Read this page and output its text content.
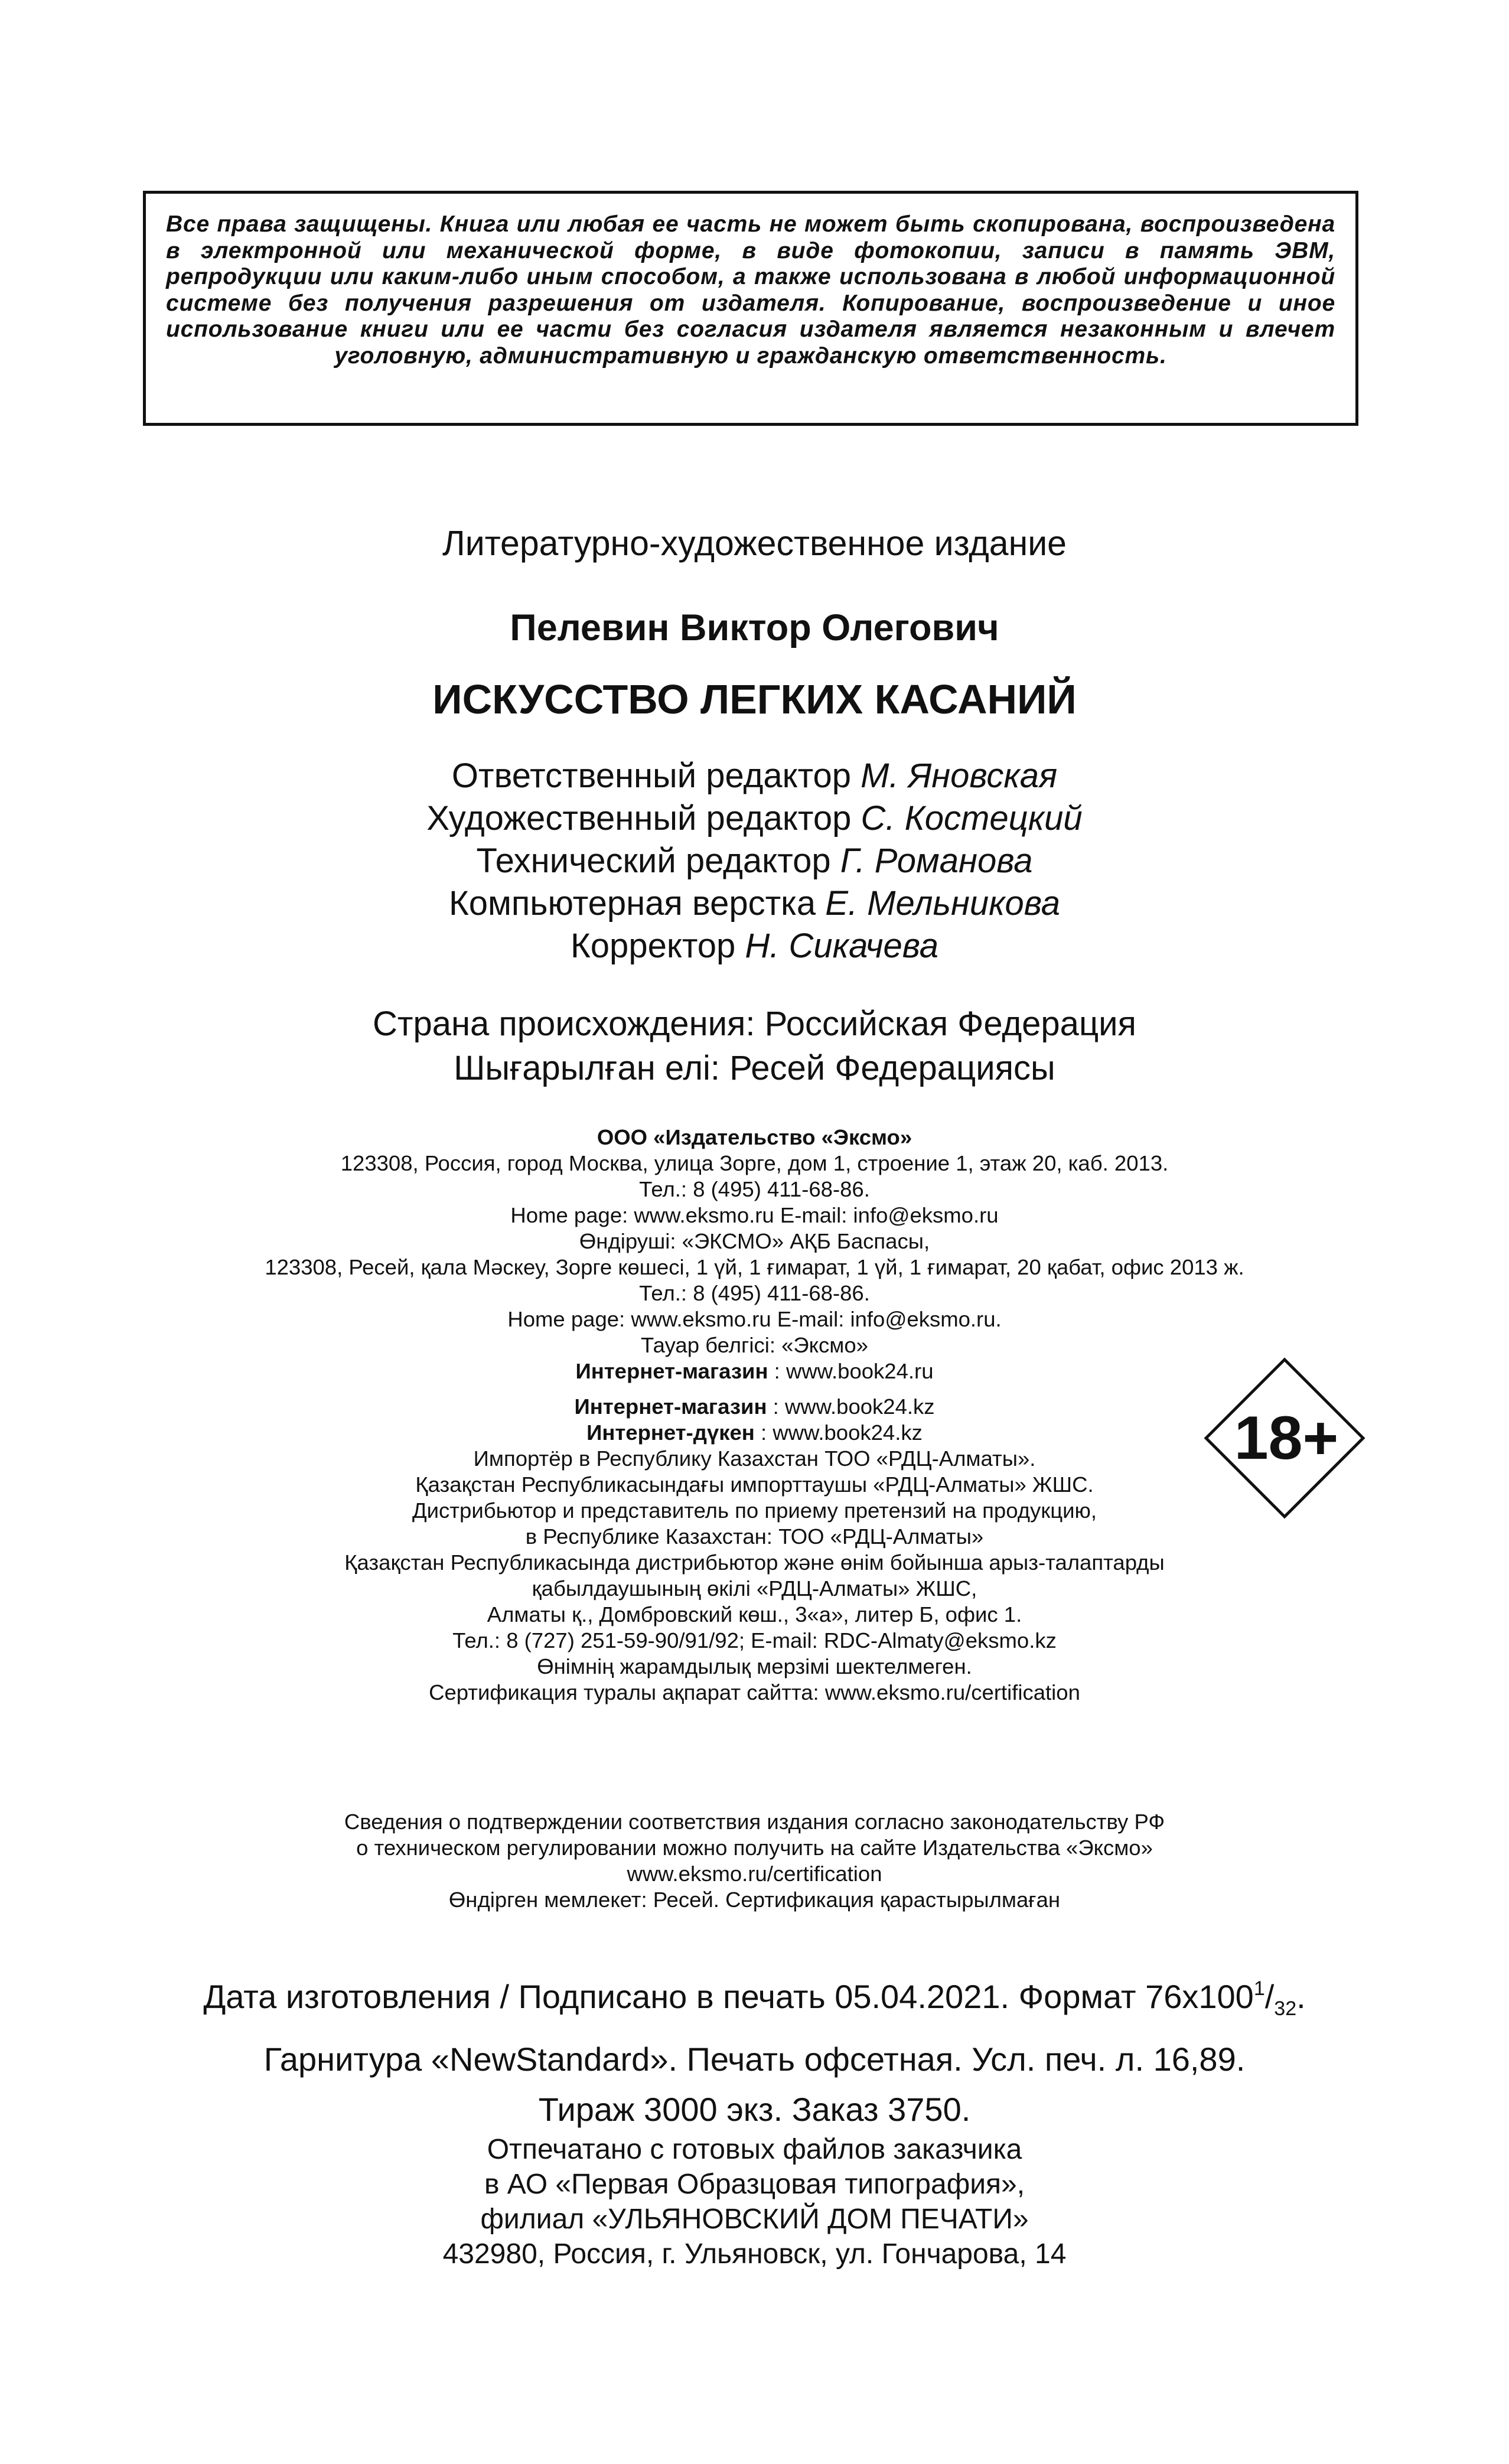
Все права защищены. Книга или любая ее часть не может быть скопирована, воспроизведена в электронной или механической форме, в виде фотокопии, записи в память ЭВМ, репродукции или каким-либо иным способом, а также использована в любой информационной системе без получения разрешения от издателя. Копирование, воспроизведение и иное использование книги или ее части без согласия издателя является незаконным и влечет уголовную, административную и гражданскую ответственность.

Литературно-художественное издание

Пелевин Виктор Олегович

ИСКУССТВО ЛЕГКИХ КАСАНИЙ

Ответственный редактор М. Яновская
Художественный редактор С. Костецкий
Технический редактор Г. Романова
Компьютерная верстка Е. Мельникова
Корректор Н. Сикачева
Страна происхождения: Российская Федерация
Шығарылған елі: Ресей Федерациясы
ООО «Издательство «Эксмо»
123308, Россия, город Москва, улица Зорге, дом 1, строение 1, этаж 20, каб. 2013.
Тел.: 8 (495) 411-68-86.
Home page: www.eksmo.ru E-mail: info@eksmo.ru
Өндіруші: «ЭКСМО» АҚБ Баспасы,
123308, Ресей, қала Мәскеу, Зорге көшесі, 1 үй, 1 ғимарат, 1 үй, 1 ғимарат, 20 қабат, офис 2013 ж.
Тел.: 8 (495) 411-68-86.
Home page: www.eksmo.ru E-mail: info@eksmo.ru.
Тауар белгісі: «Эксмо»
Интернет-магазин : www.book24.ru
Интернет-магазин : www.book24.kz
Интернет-дүкен : www.book24.kz
Импортёр в Республику Казахстан ТОО «РДЦ-Алматы».
Қазақстан Республикасындағы импорттаушы «РДЦ-Алматы» ЖШС.
Дистрибьютор и представитель по приему претензий на продукцию,
в Республике Казахстан: ТОО «РДЦ-Алматы»
Қазақстан Республикасында дистрибьютор және өнім бойынша арыз-талаптарды
қабылдаушының өкілі «РДЦ-Алматы» ЖШС,
Алматы қ., Домбровский көш., 3«а», литер Б, офис 1.
Тел.: 8 (727) 251-59-90/91/92; E-mail: RDC-Almaty@eksmo.kz
Өнімнің жарамдылық мерзімі шектелмеген.
Сертификация туралы ақпарат сайтта: www.eksmo.ru/certification
18+
Сведения о подтверждении соответствия издания согласно законодательству РФ
о техническом регулировании можно получить на сайте Издательства «Эксмо»
www.eksmo.ru/certification
Өндірген мемлекет: Ресей. Сертификация қарастырылмаған
Дата изготовления / Подписано в печать 05.04.2021. Формат $76x100^1/_{32}$.
Гарнитура «NewStandard». Печать офсетная. Усл. печ. л. 16,89.
Тираж 3000 экз. Заказ 3750.
Отпечатано с готовых файлов заказчика
в АО «Первая Образцовая типография»,
филиал «УЛЬЯНОВСКИЙ ДОМ ПЕЧАТИ»
432980, Россия, г. Ульяновск, ул. Гончарова, 14
